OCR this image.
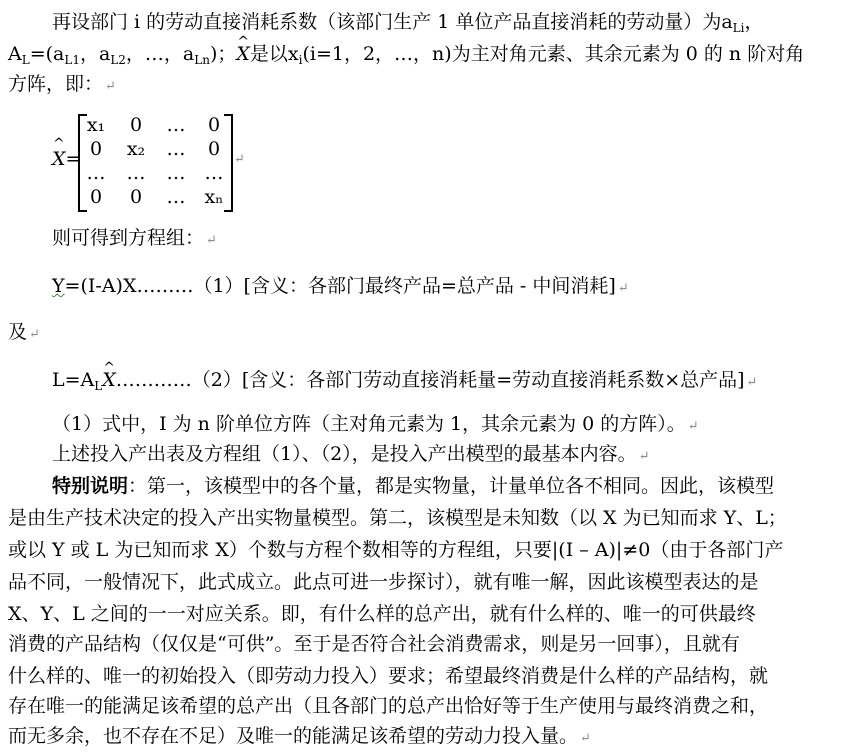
再设部门 i 的劳动直接消耗系数（该部门生产 1 单位产品直接消耗的劳动量）为$a_{Li}$，
$A_L=(a_{L1}$，$a_{L2}$，…，$a_{Ln}$)；^ X是以$x_i(i=1$，2，…，n)为主对角元素、其余元素为 0 的 n 阶对角
方阵，即： ↵
^ X=
x₁	0	…	0
0	x₂	…	0
…	…	…	…
0	0	…	xₙ
↵
则可得到方程组： ↵
Y=(I-A)X………（1）[含义：各部门最终产品=总产品 - 中间消耗] ↵
及 ↵
$L=A_L\^{}$ X…………（2）[含义：各部门劳动直接消耗量=劳动直接消耗系数×总产品] ↵
（1）式中，I 为 n 阶单位方阵（主对角元素为 1，其余元素为 0 的方阵）。 ↵
上述投入产出表及方程组（1）、（2），是投入产出模型的最基本内容。 ↵
特别说明：第一，该模型中的各个量，都是实物量，计量单位各不相同。因此，该模型
是由生产技术决定的投入产出实物量模型。第二，该模型是未知数（以 X 为已知而求 Y、L；
或以 Y 或 L 为已知而求 X）个数与方程个数相等的方程组，只要|(I – A)|≠0（由于各部门产
品不同，一般情况下，此式成立。此点可进一步探讨），就有唯一解，因此该模型表达的是
X、Y、L 之间的一一对应关系。即，有什么样的总产出，就有什么样的、唯一的可供最终
消费的产品结构（仅仅是“可供”。至于是否符合社会消费需求，则是另一回事），且就有
什么样的、唯一的初始投入（即劳动力投入）要求；希望最终消费是什么样的产品结构，就
存在唯一的能满足该希望的总产出（且各部门的总产出恰好等于生产使用与最终消费之和，
而无多余，也不存在不足）及唯一的能满足该希望的劳动力投入量。 ↵
